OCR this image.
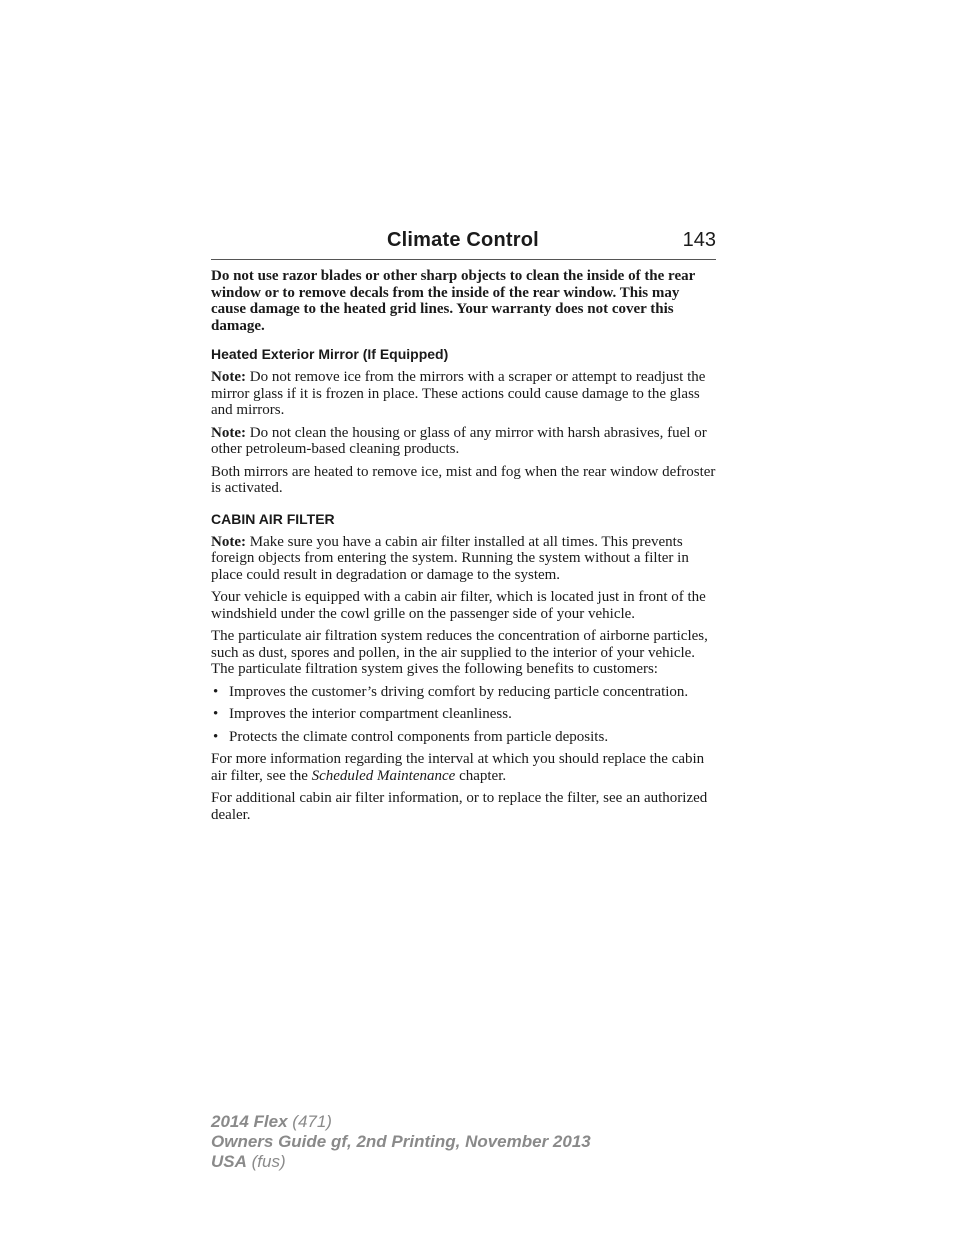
Climate Control	143

Do not use razor blades or other sharp objects to clean the inside of the rear window or to remove decals from the inside of the rear window. This may cause damage to the heated grid lines. Your warranty does not cover this damage.

Heated Exterior Mirror (If Equipped)

Note: Do not remove ice from the mirrors with a scraper or attempt to readjust the mirror glass if it is frozen in place. These actions could cause damage to the glass and mirrors.

Note: Do not clean the housing or glass of any mirror with harsh abrasives, fuel or other petroleum-based cleaning products.

Both mirrors are heated to remove ice, mist and fog when the rear window defroster is activated.

CABIN AIR FILTER

Note: Make sure you have a cabin air filter installed at all times. This prevents foreign objects from entering the system. Running the system without a filter in place could result in degradation or damage to the system.

Your vehicle is equipped with a cabin air filter, which is located just in front of the windshield under the cowl grille on the passenger side of your vehicle.

The particulate air filtration system reduces the concentration of airborne particles, such as dust, spores and pollen, in the air supplied to the interior of your vehicle. The particulate filtration system gives the following benefits to customers:

• Improves the customer’s driving comfort by reducing particle concentration.
• Improves the interior compartment cleanliness.
• Protects the climate control components from particle deposits.

For more information regarding the interval at which you should replace the cabin air filter, see the Scheduled Maintenance chapter.

For additional cabin air filter information, or to replace the filter, see an authorized dealer.

2014 Flex (471)
Owners Guide gf, 2nd Printing, November 2013
USA (fus)
